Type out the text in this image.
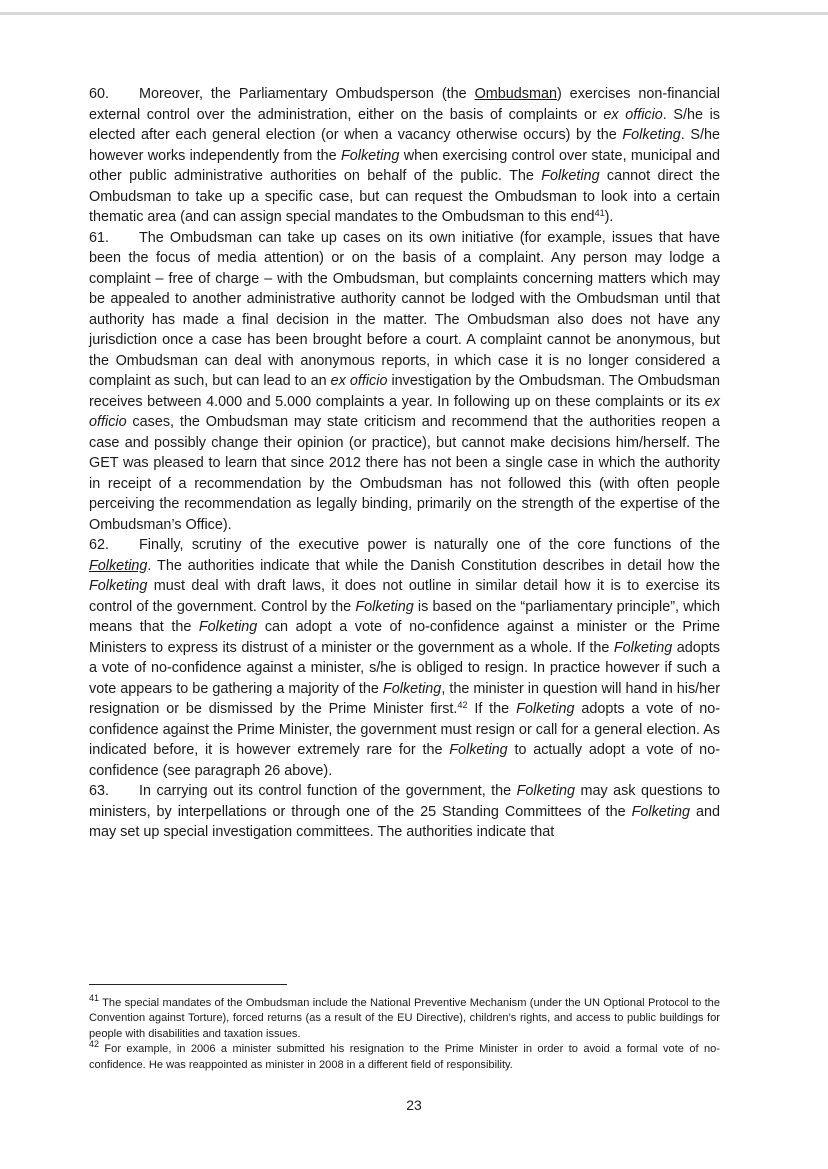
60. Moreover, the Parliamentary Ombudsperson (the Ombudsman) exercises non-financial external control over the administration, either on the basis of complaints or ex officio. S/he is elected after each general election (or when a vacancy otherwise occurs) by the Folketing. S/he however works independently from the Folketing when exercising control over state, municipal and other public administrative authorities on behalf of the public. The Folketing cannot direct the Ombudsman to take up a specific case, but can request the Ombudsman to look into a certain thematic area (and can assign special mandates to the Ombudsman to this end$^{41}$).

61. The Ombudsman can take up cases on its own initiative (for example, issues that have been the focus of media attention) or on the basis of a complaint. Any person may lodge a complaint – free of charge – with the Ombudsman, but complaints concerning matters which may be appealed to another administrative authority cannot be lodged with the Ombudsman until that authority has made a final decision in the matter. The Ombudsman also does not have any jurisdiction once a case has been brought before a court. A complaint cannot be anonymous, but the Ombudsman can deal with anonymous reports, in which case it is no longer considered a complaint as such, but can lead to an ex officio investigation by the Ombudsman. The Ombudsman receives between 4.000 and 5.000 complaints a year. In following up on these complaints or its ex officio cases, the Ombudsman may state criticism and recommend that the authorities reopen a case and possibly change their opinion (or practice), but cannot make decisions him/herself. The GET was pleased to learn that since 2012 there has not been a single case in which the authority in receipt of a recommendation by the Ombudsman has not followed this (with often people perceiving the recommendation as legally binding, primarily on the strength of the expertise of the Ombudsman’s Office).

62. Finally, scrutiny of the executive power is naturally one of the core functions of the Folketing. The authorities indicate that while the Danish Constitution describes in detail how the Folketing must deal with draft laws, it does not outline in similar detail how it is to exercise its control of the government. Control by the Folketing is based on the “parliamentary principle”, which means that the Folketing can adopt a vote of no-confidence against a minister or the Prime Ministers to express its distrust of a minister or the government as a whole. If the Folketing adopts a vote of no-confidence against a minister, s/he is obliged to resign. In practice however if such a vote appears to be gathering a majority of the Folketing, the minister in question will hand in his/her resignation or be dismissed by the Prime Minister first.$^{42}$ If the Folketing adopts a vote of no-confidence against the Prime Minister, the government must resign or call for a general election. As indicated before, it is however extremely rare for the Folketing to actually adopt a vote of no-confidence (see paragraph 26 above).

63. In carrying out its control function of the government, the Folketing may ask questions to ministers, by interpellations or through one of the 25 Standing Committees of the Folketing and may set up special investigation committees. The authorities indicate that

$^{41}$ The special mandates of the Ombudsman include the National Preventive Mechanism (under the UN Optional Protocol to the Convention against Torture), forced returns (as a result of the EU Directive), children’s rights, and access to public buildings for people with disabilities and taxation issues.

$^{42}$ For example, in 2006 a minister submitted his resignation to the Prime Minister in order to avoid a formal vote of no-confidence. He was reappointed as minister in 2008 in a different field of responsibility.

23
